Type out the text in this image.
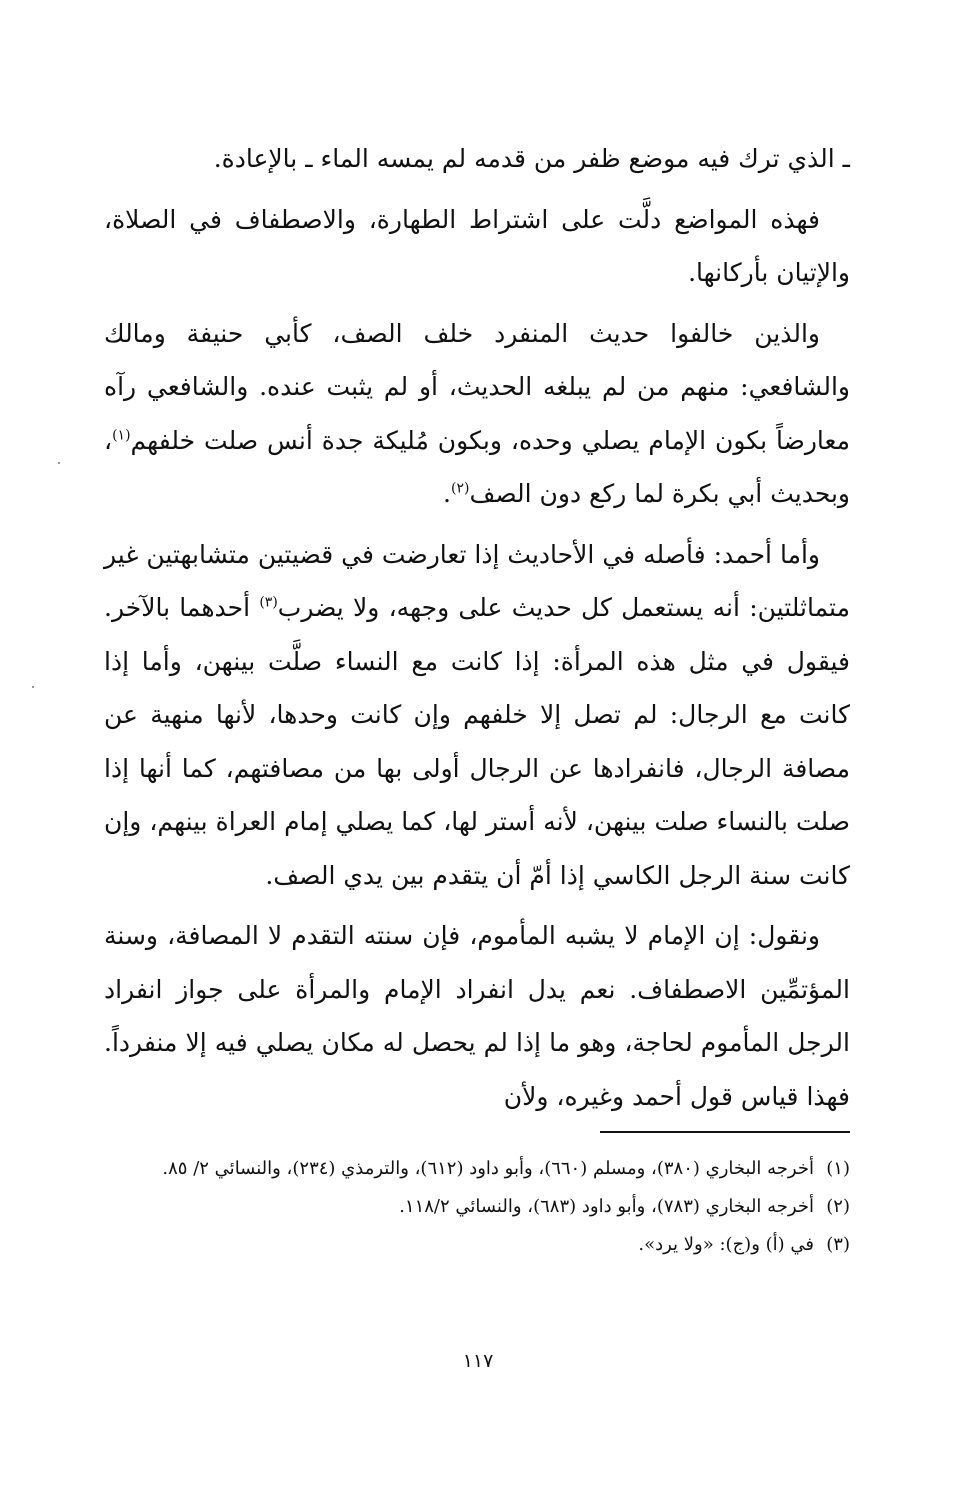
ـ الذي ترك فيه موضع ظفر من قدمه لم يمسه الماء ـ بالإعادة.

فهذه المواضع دلَّت على اشتراط الطهارة، والاصطفاف في الصلاة، والإتيان بأركانها.

والذين خالفوا حديث المنفرد خلف الصف، كأبي حنيفة ومالك والشافعي: منهم من لم يبلغه الحديث، أو لم يثبت عنده. والشافعي رآه معارضاً بكون الإمام يصلي وحده، وبكون مُليكة جدة أنس صلت خلفهم$^{(١)}$، وبحديث أبي بكرة لما ركع دون الصف$^{(٢)}$.

وأما أحمد: فأصله في الأحاديث إذا تعارضت في قضيتين متشابهتين غير متماثلتين: أنه يستعمل كل حديث على وجهه، ولا يضرب$^{(٣)}$ أحدهما بالآخر. فيقول في مثل هذه المرأة: إذا كانت مع النساء صلَّت بينهن، وأما إذا كانت مع الرجال: لم تصل إلا خلفهم وإن كانت وحدها، لأنها منهية عن مصافة الرجال، فانفرادها عن الرجال أولى بها من مصافتهم، كما أنها إذا صلت بالنساء صلت بينهن، لأنه أستر لها، كما يصلي إمام العراة بينهم، وإن كانت سنة الرجل الكاسي إذا أمّ أن يتقدم بين يدي الصف.

ونقول: إن الإمام لا يشبه المأموم، فإن سنته التقدم لا المصافة، وسنة المؤتمِّين الاصطفاف. نعم يدل انفراد الإمام والمرأة على جواز انفراد الرجل المأموم لحاجة، وهو ما إذا لم يحصل له مكان يصلي فيه إلا منفرداً. فهذا قياس قول أحمد وغيره، ولأن

(١)
أخرجه البخاري (٣٨٠)، ومسلم (٦٦٠)، وأبو داود (٦١٢)، والترمذي (٢٣٤)، والنسائي ٢/ ٨٥.
(٢)
أخرجه البخاري (٧٨٣)، وأبو داود (٦٨٣)، والنسائي ١١٨/٢.
(٣)
في (أ) و(ج): «ولا يرد».
١١٧
